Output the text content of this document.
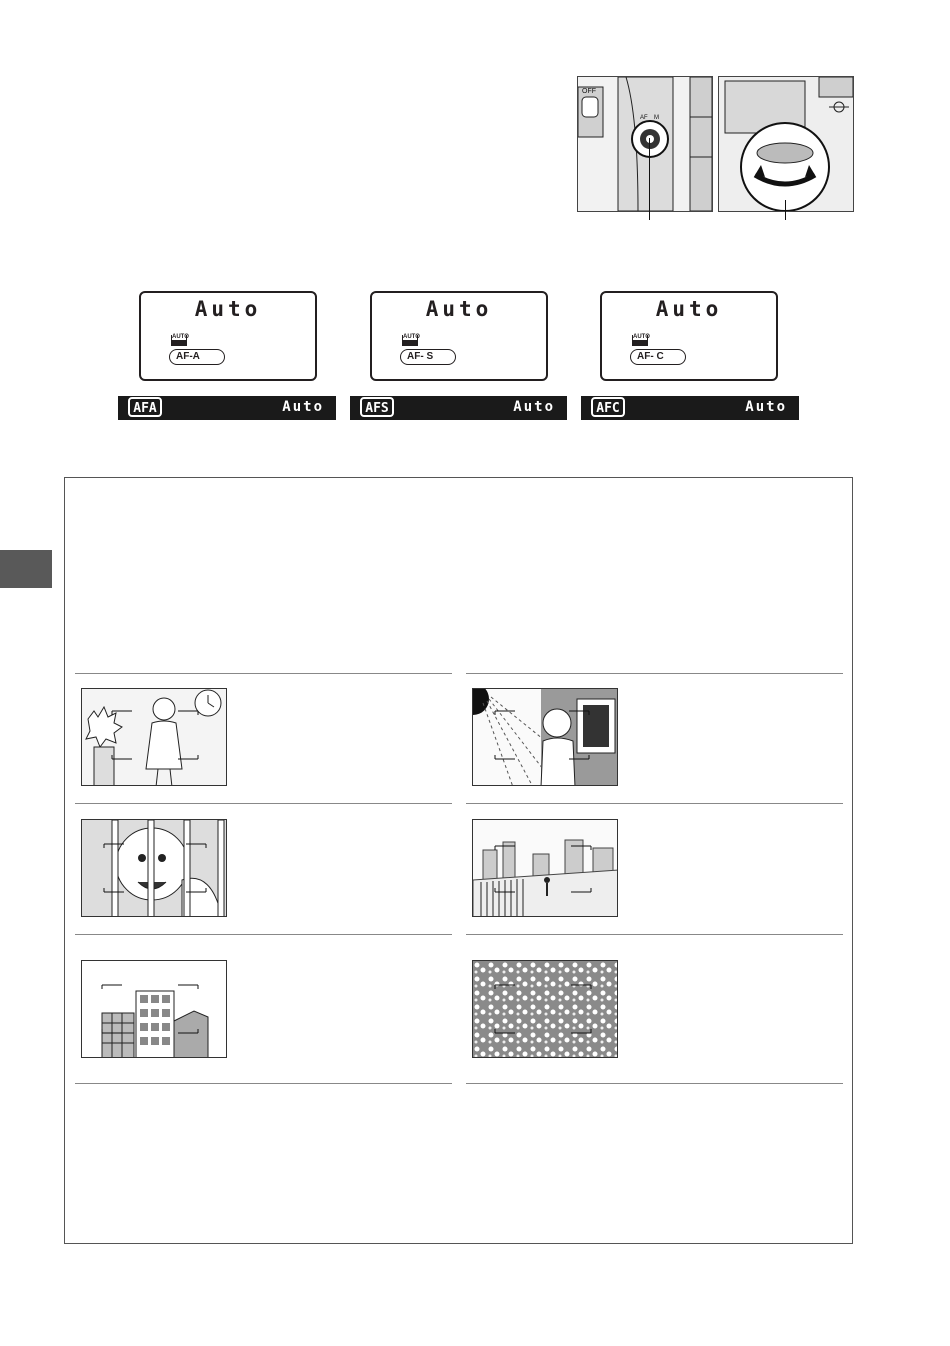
OFF
AF M
Auto
AUTO
AF-A
Auto
AUTO
AF- S
Auto
AUTO
AF- C
AFA	Auto	AFS	Auto	AFC	Auto
